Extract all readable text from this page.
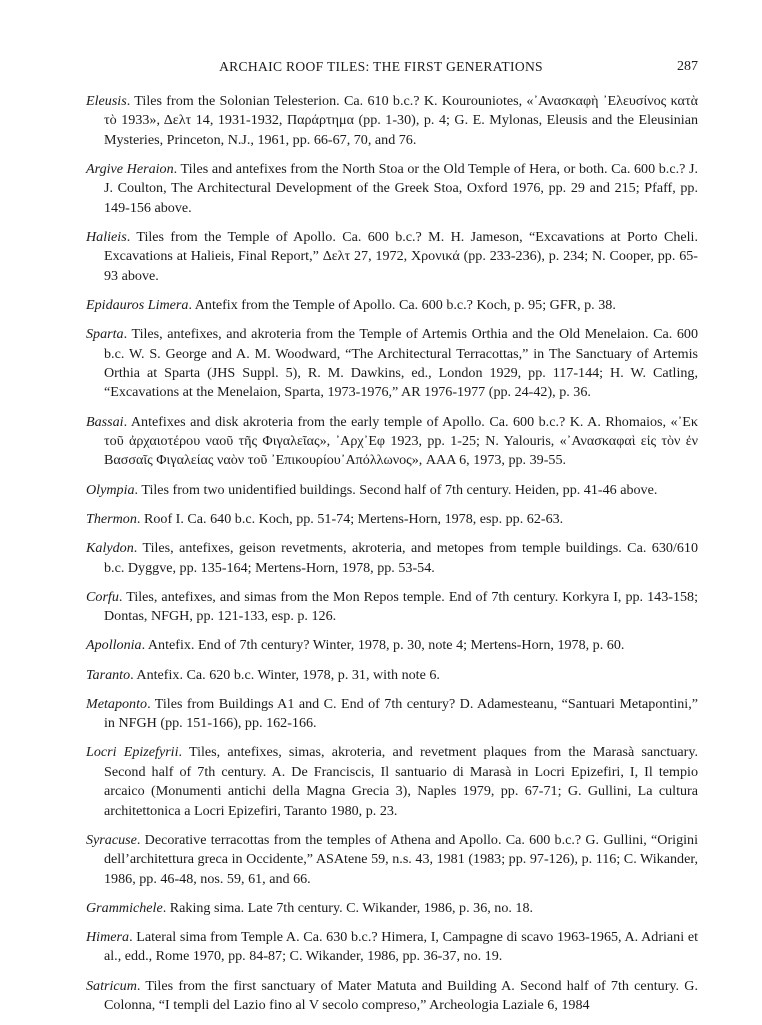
ARCHAIC ROOF TILES: THE FIRST GENERATIONS	287

Eleusis. Tiles from the Solonian Telesterion. Ca. 610 b.c.? K. Kourouniotes, «᾽Ανασκαφὴ ᾽Ελευσίνος κατὰ τὸ 1933», Δελτ 14, 1931-1932, Παράρτημα (pp. 1-30), p. 4; G. E. Mylonas, Eleusis and the Eleusinian Mysteries, Princeton, N.J., 1961, pp. 66-67, 70, and 76.

Argive Heraion. Tiles and antefixes from the North Stoa or the Old Temple of Hera, or both. Ca. 600 b.c.? J. J. Coulton, The Architectural Development of the Greek Stoa, Oxford 1976, pp. 29 and 215; Pfaff, pp. 149-156 above.

Halieis. Tiles from the Temple of Apollo. Ca. 600 b.c.? M. H. Jameson, “Excavations at Porto Cheli. Excavations at Halieis, Final Report,” Δελτ 27, 1972, Χρονικά (pp. 233-236), p. 234; N. Cooper, pp. 65-93 above.

Epidauros Limera. Antefix from the Temple of Apollo. Ca. 600 b.c.? Koch, p. 95; GFR, p. 38.

Sparta. Tiles, antefixes, and akroteria from the Temple of Artemis Orthia and the Old Menelaion. Ca. 600 b.c. W. S. George and A. M. Woodward, “The Architectural Terracottas,” in The Sanctuary of Artemis Orthia at Sparta (JHS Suppl. 5), R. M. Dawkins, ed., London 1929, pp. 117-144; H. W. Catling, “Excavations at the Menelaion, Sparta, 1973-1976,” AR 1976-1977 (pp. 24-42), p. 36.

Bassai. Antefixes and disk akroteria from the early temple of Apollo. Ca. 600 b.c.? K. A. Rhomaios, «᾽Εκ τοῦ ἀρχαιοτέρου ναοῦ τῆς Φιγαλεῖας», ᾽Αρχ᾽Εφ 1923, pp. 1-25; N. Yalouris, «᾽Ανασκαφαὶ εἰς τὸν ἐν Βασσαῖς Φιγαλείας ναὸν τοῦ ᾽Επικουρίου᾽Απόλλωνος», AAA 6, 1973, pp. 39-55.

Olympia. Tiles from two unidentified buildings. Second half of 7th century. Heiden, pp. 41-46 above.

Thermon. Roof I. Ca. 640 b.c. Koch, pp. 51-74; Mertens-Horn, 1978, esp. pp. 62-63.

Kalydon. Tiles, antefixes, geison revetments, akroteria, and metopes from temple buildings. Ca. 630/610 b.c. Dyggve, pp. 135-164; Mertens-Horn, 1978, pp. 53-54.

Corfu. Tiles, antefixes, and simas from the Mon Repos temple. End of 7th century. Korkyra I, pp. 143-158; Dontas, NFGH, pp. 121-133, esp. p. 126.

Apollonia. Antefix. End of 7th century? Winter, 1978, p. 30, note 4; Mertens-Horn, 1978, p. 60.

Taranto. Antefix. Ca. 620 b.c. Winter, 1978, p. 31, with note 6.

Metaponto. Tiles from Buildings A1 and C. End of 7th century? D. Adamesteanu, “Santuari Metapontini,” in NFGH (pp. 151-166), pp. 162-166.

Locri Epizefyrii. Tiles, antefixes, simas, akroteria, and revetment plaques from the Marasà sanctuary. Second half of 7th century. A. De Franciscis, Il santuario di Marasà in Locri Epizefiri, I, Il tempio arcaico (Monumenti antichi della Magna Grecia 3), Naples 1979, pp. 67-71; G. Gullini, La cultura architettonica a Locri Epizefiri, Taranto 1980, p. 23.

Syracuse. Decorative terracottas from the temples of Athena and Apollo. Ca. 600 b.c.? G. Gullini, “Origini dell’architettura greca in Occidente,” ASAtene 59, n.s. 43, 1981 (1983; pp. 97-126), p. 116; C. Wikander, 1986, pp. 46-48, nos. 59, 61, and 66.

Grammichele. Raking sima. Late 7th century. C. Wikander, 1986, p. 36, no. 18.

Himera. Lateral sima from Temple A. Ca. 630 b.c.? Himera, I, Campagne di scavo 1963-1965, A. Adriani et al., edd., Rome 1970, pp. 84-87; C. Wikander, 1986, pp. 36-37, no. 19.

Satricum. Tiles from the first sanctuary of Mater Matuta and Building A. Second half of 7th century. G. Colonna, “I templi del Lazio fino al V secolo compreso,” Archeologia Laziale 6, 1984
